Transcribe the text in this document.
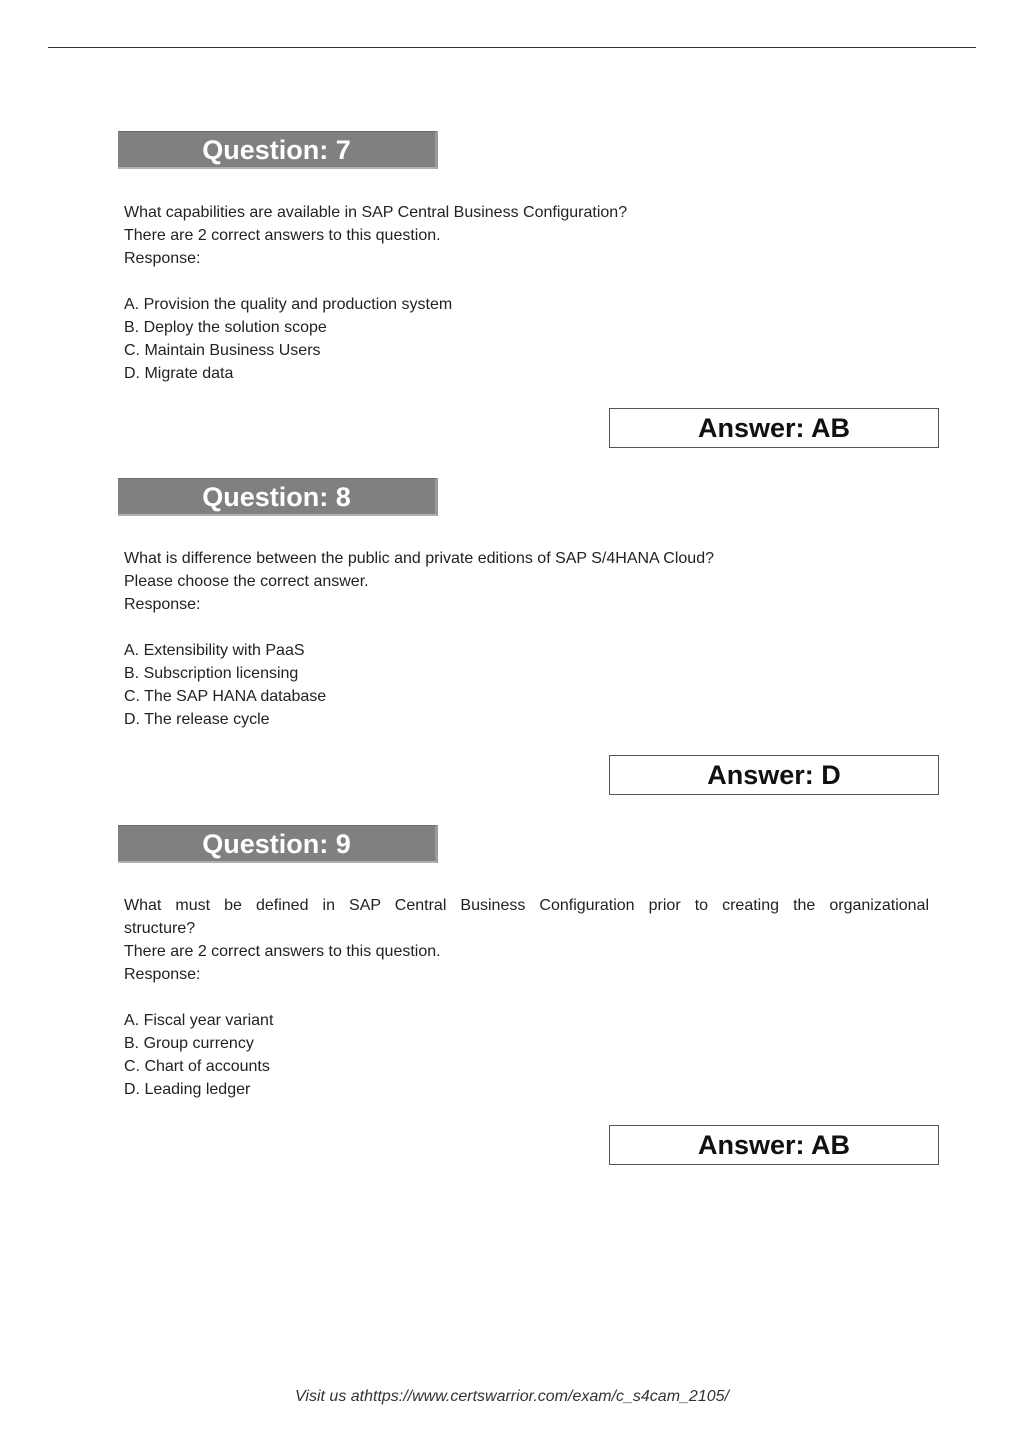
Question: 7
What capabilities are available in SAP Central Business Configuration?
There are 2 correct answers to this question.
Response:
A. Provision the quality and production system
B. Deploy the solution scope
C. Maintain Business Users
D. Migrate data
Answer: AB
Question: 8
What is difference between the public and private editions of SAP S/4HANA Cloud?
Please choose the correct answer.
Response:
A. Extensibility with PaaS
B. Subscription licensing
C. The SAP HANA database
D. The release cycle
Answer: D
Question: 9
What must be defined in SAP Central Business Configuration prior to creating the organizational
structure?
There are 2 correct answers to this question.
Response:
A. Fiscal year variant
B. Group currency
C. Chart of accounts
D. Leading ledger
Answer: AB
Visit us athttps://www.certswarrior.com/exam/c_s4cam_2105/
